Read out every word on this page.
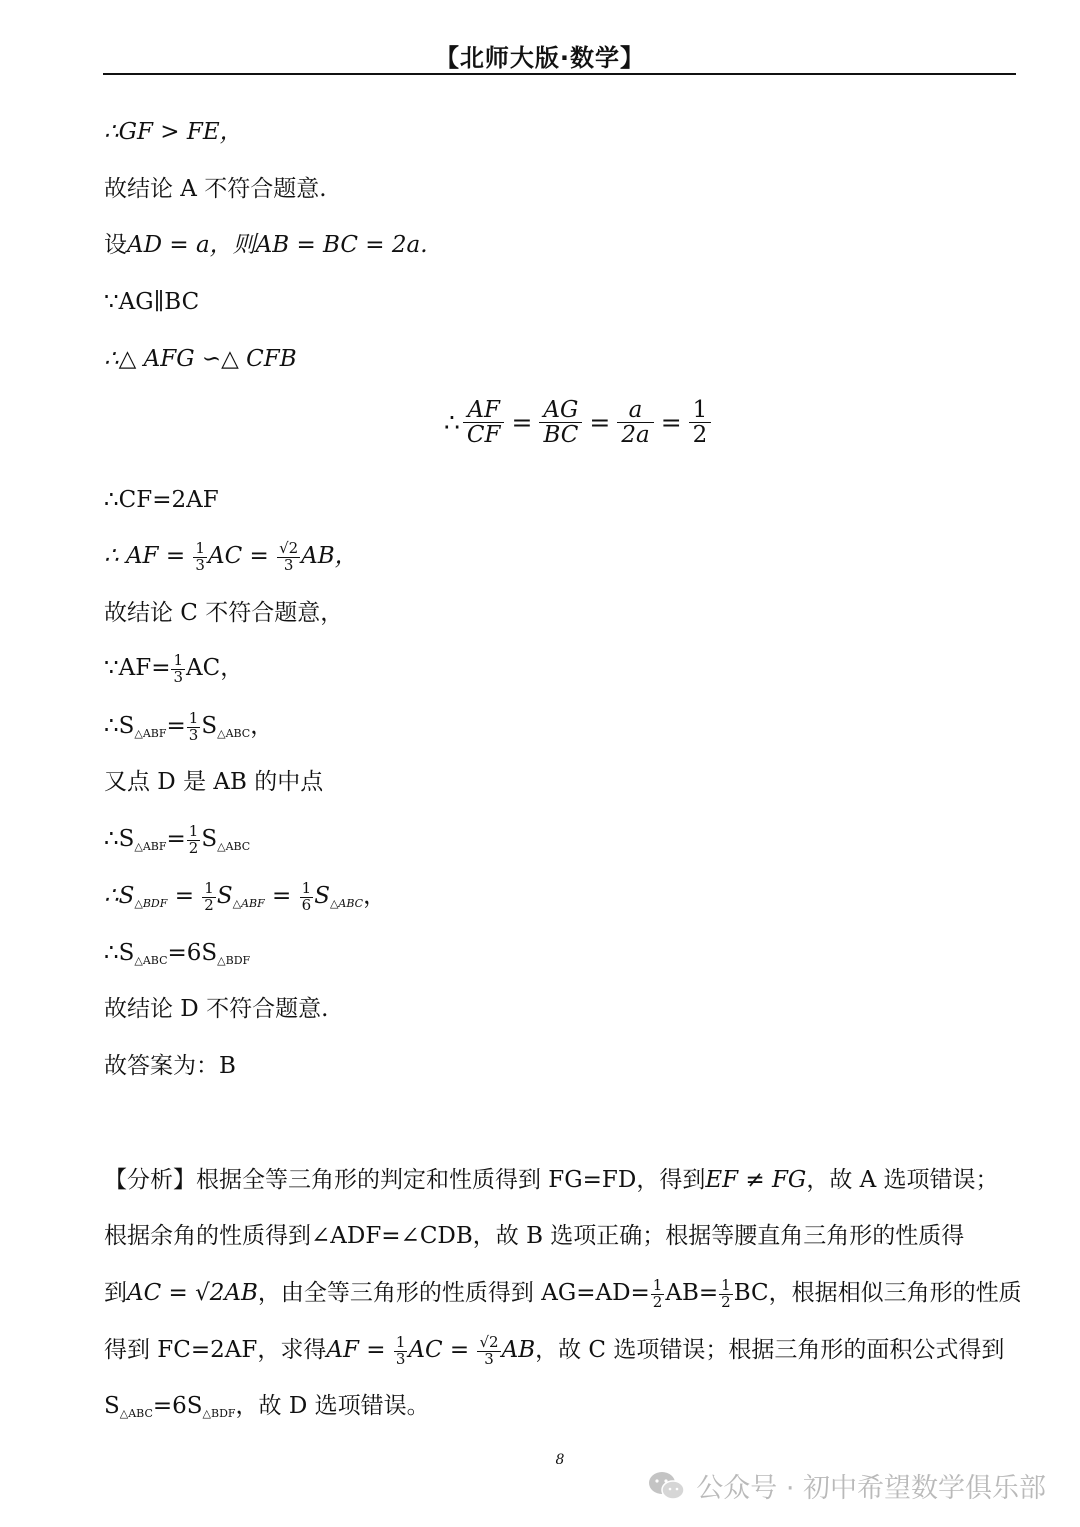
【北师大版·数学】
∴GF > FE，
故结论 A 不符合题意.
设AD = a，则AB = BC = 2a.
∵AG∥BC
∴△ AFG ∽△ CFB
∴ $\frac{AF}{CF} = \frac{AG}{BC} = \frac{a}{2a} = \frac{1}{2}$
∴CF=2AF
∴ AF = $\frac{1}{3}$ AC = $\frac{√2}{3}$ AB，
故结论 C 不符合题意，
∵AF= $\frac{1}{3}$ AC，
$\therefore S_{\triangle ABF}= \frac{1}{3} S_{\triangle ABC}$，
又点 D 是 AB 的中点
$\therefore S_{\triangle ABF}= \frac{1}{2} S_{\triangle ABC}$
$\therefore S_{\triangle BDF} = \frac{1}{2} S_{\triangle ABF} = \frac{1}{6} S_{\triangle ABC}$，
$\therefore S_{\triangle ABC}=6S_{\triangle BDF}$
故结论 D 不符合题意.
故答案为：B
【分析】根据全等三角形的判定和性质得到 FG=FD，得到EF ≠ FG，故 A 选项错误；
根据余角的性质得到∠ADF=∠CDB，故 B 选项正确；根据等腰直角三角形的性质得
到AC = √2AB，由全等三角形的性质得到 $AG=AD= \frac{1}{2} AB= \frac{1}{2}$ BC，根据相似三角形的性质
得到 FC=2AF，求得AF = $\frac{1}{3}$ AC = $\frac{√2}{3}$ AB，故 C 选项错误；根据三角形的面积公式得到
$S_{\triangle ABC}=6S_{\triangle BDF}$，故 D 选项错误。
8
公众号 · 初中希望数学俱乐部
